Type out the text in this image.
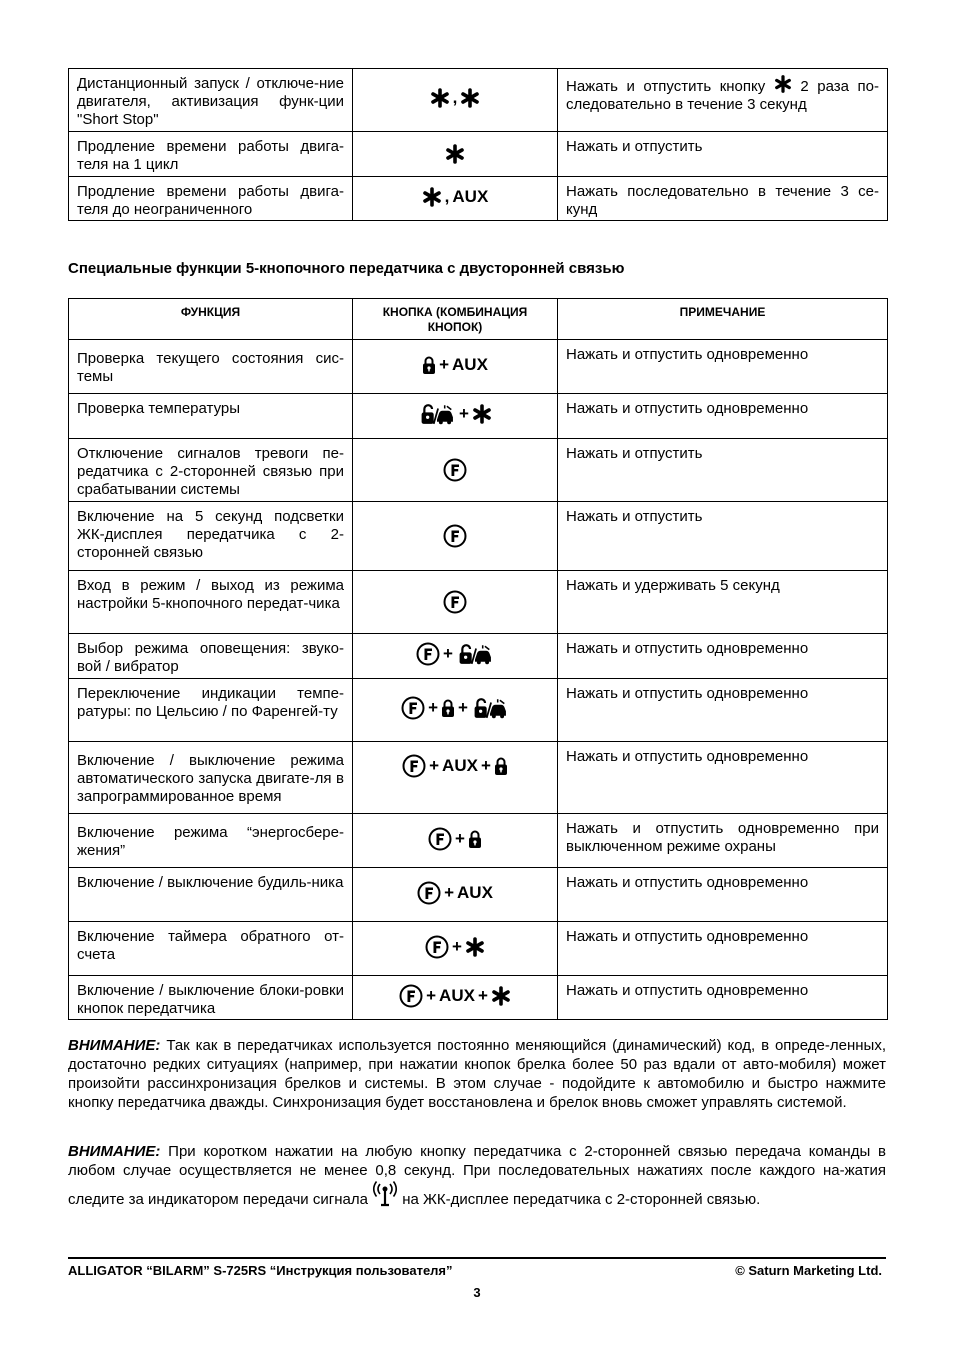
Дистанционный запуск / отключе-ние двигателя, активизация функ-ции "Short Stop"	,	Нажать и отпустить кнопку 2 раза по-следовательно в течение 3 секунд
Продление времени работы двига-теля на 1 цикл		Нажать и отпустить
Продление времени работы двига-теля до неограниченного	, AUX	Нажать последовательно в течение 3 се-кунд
Специальные функции 5-кнопочного передатчика с двусторонней связью
ФУНКЦИЯ	КНОПКА (КОМБИНАЦИЯ КНОПОК)	ПРИМЕЧАНИЕ
Проверка текущего состояния сис-темы	+ AUX	Нажать и отпустить одновременно
Проверка температуры	+	Нажать и отпустить одновременно
Отключение сигналов тревоги пе-редатчика с 2-сторонней связью при срабатывании системы		Нажать и отпустить
Включение на 5 секунд подсветки ЖК-дисплея передатчика с 2-сторонней связью		Нажать и отпустить
Вход в режим / выход из режима настройки 5-кнопочного передат-чика		Нажать и удерживать 5 секунд
Выбор режима оповещения: звуко-вой / вибратор	+	Нажать и отпустить одновременно
Переключение индикации темпе-ратуры: по Цельсию / по Фаренгей-ту	+ +	Нажать и отпустить одновременно
Включение / выключение режима автоматического запуска двигате-ля в запрограммированное время	+ AUX +	Нажать и отпустить одновременно
Включение режима “энергосбере-жения”	+	Нажать и отпустить одновременно при выключенном режиме охраны
Включение / выключение будиль-ника	+ AUX	Нажать и отпустить одновременно
Включение таймера обратного от-счета	+	Нажать и отпустить одновременно
Включение / выключение блоки-ровки кнопок передатчика	+ AUX +	Нажать и отпустить одновременно
ВНИМАНИЕ: Так как в передатчиках используется постоянно меняющийся (динамический) код, в опреде-ленных, достаточно редких ситуациях (например, при нажатии кнопок брелка более 50 раз вдали от авто-мобиля) может произойти рассинхронизация брелков и системы. В этом случае - подойдите к автомобилю и быстро нажмите кнопку передатчика дважды. Синхронизация будет восстановлена и брелок вновь сможет управлять системой.
ВНИМАНИЕ: При коротком нажатии на любую кнопку передатчика с 2-сторонней связью передача команды в любом случае осуществляется не менее 0,8 секунд. При последовательных нажатиях после каждого на-жатия следите за индикатором передачи сигнала  на ЖК-дисплее передатчика с 2-сторонней связью.
ALLIGATOR “BILARM” S-725RS “Инструкция пользователя”	© Saturn Marketing Ltd.
3
